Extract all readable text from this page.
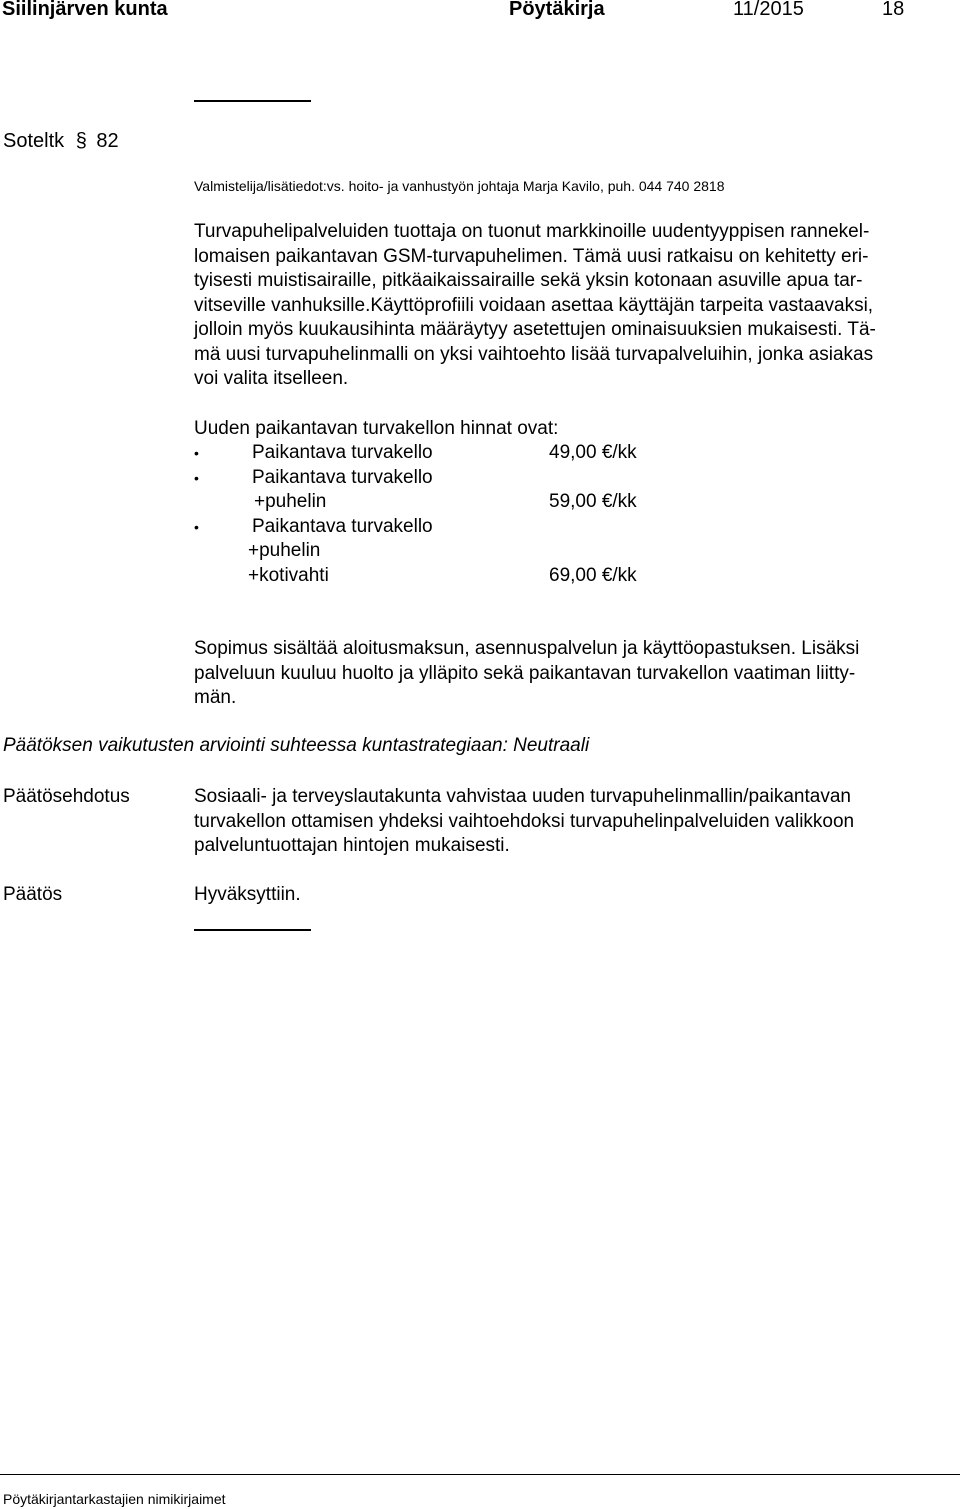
Siilinjärven kunta	Pöytäkirja	11/2015	18
Soteltk § 82
Valmistelija/lisätiedot:vs. hoito- ja vanhustyön johtaja Marja Kavilo, puh. 044 740 2818

Turvapuhelipalveluiden tuottaja on tuonut markkinoille uudentyyppisen rannekel-

lomaisen paikantavan GSM-turvapuhelimen. Tämä uusi ratkaisu on kehitetty eri-

tyisesti muistisairaille, pitkäaikaissairaille sekä yksin kotonaan asuville apua tar-

vitseville vanhuksille.Käyttöprofiili voidaan asettaa käyttäjän tarpeita vastaavaksi,

jolloin myös kuukausihinta määräytyy asetettujen ominaisuuksien mukaisesti. Tä-

mä uusi turvapuhelinmalli on yksi vaihtoehto lisää turvapalveluihin, jonka asiakas

voi valita itselleen.

Uuden paikantavan turvakellon hinnat ovat:
•	Paikantava turvakello	49,00 €/kk
•	Paikantava turvakello
+puhelin	59,00 €/kk
•	Paikantava turvakello
+puhelin
+kotivahti	69,00 €/kk

Sopimus sisältää aloitusmaksun, asennuspalvelun ja käyttöopastuksen. Lisäksi

palveluun kuuluu huolto ja ylläpito sekä paikantavan turvakellon vaatiman liitty-

män.

Päätöksen vaikutusten arviointi suhteessa kuntastrategiaan: Neutraali
Päätösehdotus	Sosiaali- ja terveyslautakunta vahvistaa uuden turvapuhelinmallin/paikantavan

turvakellon ottamisen yhdeksi vaihtoehdoksi turvapuhelinpalveluiden valikkoon

palveluntuottajan hintojen mukaisesti.

Päätös	Hyväksyttiin.
Pöytäkirjantarkastajien nimikirjaimet
